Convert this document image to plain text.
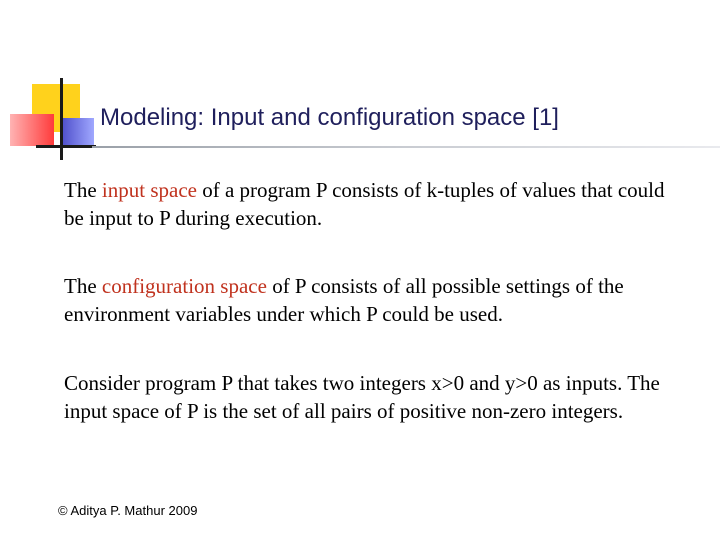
Modeling: Input and configuration space [1]
The input space of a program P consists of k-tuples of values that could be input to P during execution.
The configuration space of P consists of all possible settings of the environment variables under which P could be used.
Consider program P that takes two integers x>0 and y>0 as inputs. The input space of P is the set of all pairs of positive non-zero integers.
© Aditya P. Mathur 2009
